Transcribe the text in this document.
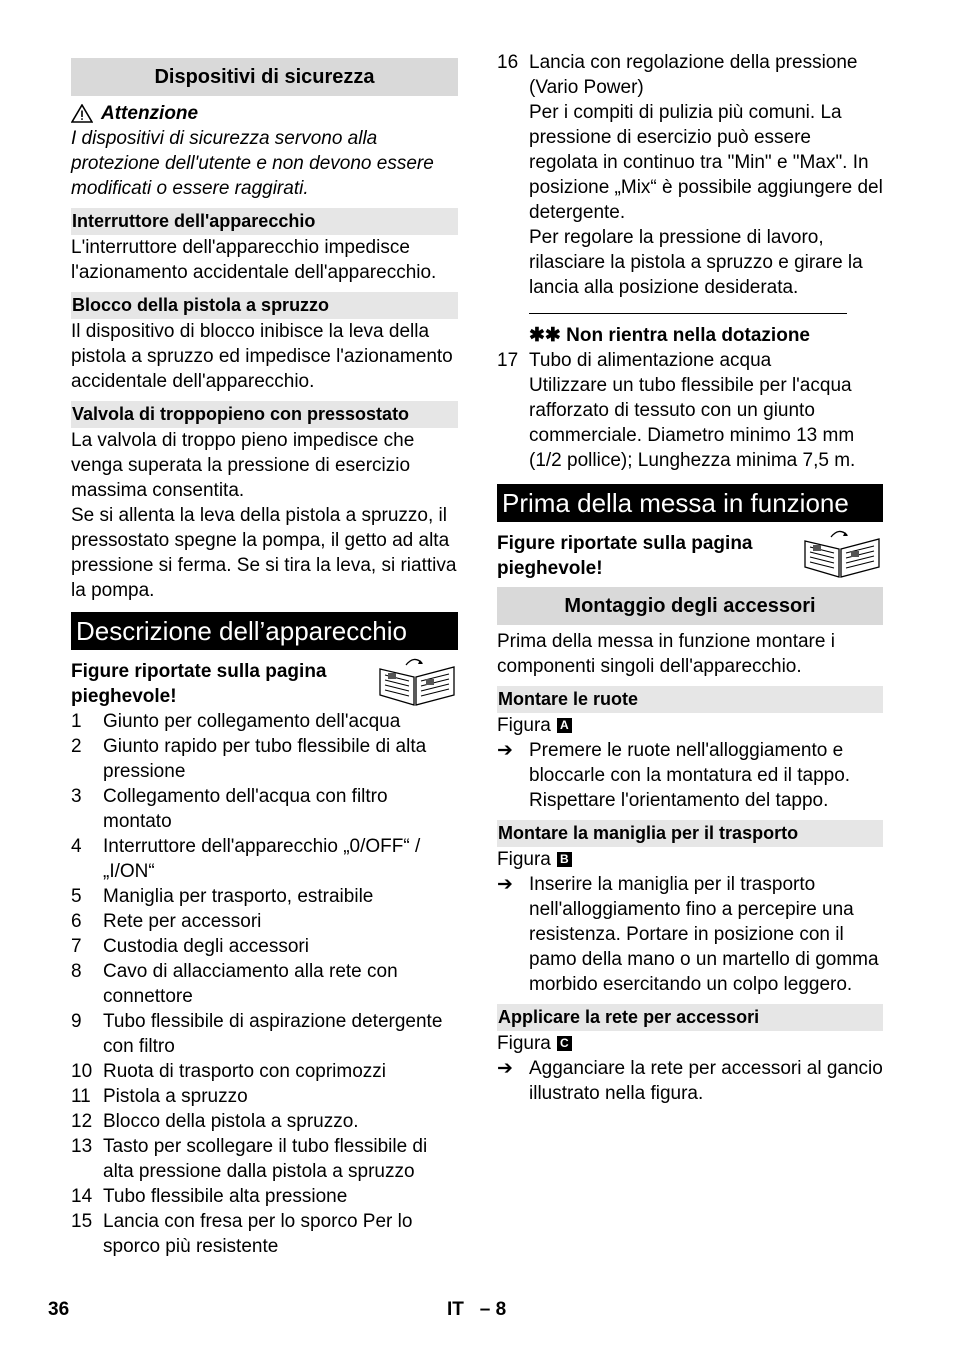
Dispositivi di sicurezza
Attenzione

I dispositivi di sicurezza servono alla protezione dell'utente e non devono essere modificati o essere raggirati.

Interruttore dell'apparecchio

L'interruttore dell'apparecchio impedisce l'azionamento accidentale dell'apparecchio.

Blocco della pistola a spruzzo

Il dispositivo di blocco inibisce la leva della pistola a spruzzo ed impedisce l'azionamento accidentale dell'apparecchio.

Valvola di troppopieno con pressostato

La valvola di troppo pieno impedisce che venga superata la pressione di esercizio massima consentita.

Se si allenta la leva della pistola a spruzzo, il pressostato spegne la pompa, il getto ad alta pressione si ferma. Se si tira la leva, si riattiva la pompa.

Descrizione dell’apparecchio
Figure riportate sulla pagina pieghevole!
1	Giunto per collegamento dell'acqua
2	Giunto rapido per tubo flessibile di alta pressione
3	Collegamento dell'acqua con filtro montato
4	Interruttore dell'apparecchio „0/OFF“ / „I/ON“
5	Maniglia per trasporto, estraibile
6	Rete per accessori
7	Custodia degli accessori
8	Cavo di allacciamento alla rete con connettore
9	Tubo flessibile di aspirazione detergente con filtro
10 Ruota di trasporto con coprimozzi
11 Pistola a spruzzo
12 Blocco della pistola a spruzzo.
13 Tasto per scollegare il tubo flessibile di alta pressione dalla pistola a spruzzo
14 Tubo flessibile alta pressione
15 Lancia con fresa per lo sporco Per lo sporco più resistente
16 Lancia con regolazione della pressione (Vario Power)

Per i compiti di pulizia più comuni. La pressione di esercizio può essere regolata in continuo tra "Min" e "Max". In posizione „Mix“ è possibile aggiungere del detergente.

Per regolare la pressione di lavoro, rilasciare la pistola a spruzzo e girare la lancia alla posizione desiderata.

✱✱ Non rientra nella dotazione
17 Tubo di alimentazione acqua

Utilizzare un tubo flessibile per l'acqua rafforzato di tessuto con un giunto commerciale. Diametro minimo 13 mm (1/2 pollice); Lunghezza minima 7,5 m.

Prima della messa in funzione
Figure riportate sulla pagina pieghevole!
Montaggio degli accessori

Prima della messa in funzione montare i componenti singoli dell'apparecchio.

Montare le ruote
Figura A
➔ Premere le ruote nell'alloggiamento e bloccarle con la montatura ed il tappo. Rispettare l'orientamento del tappo.
Montare la maniglia per il trasporto
Figura B
➔ Inserire la maniglia per il trasporto nell'alloggiamento fino a percepire una resistenza. Portare in posizione con il pamo della mano o un martello di gomma morbido esercitando un colpo leggero.
Applicare la rete per accessori
Figura C
➔ Agganciare la rete per accessori al gancio illustrato nella figura.
36	IT   – 8
